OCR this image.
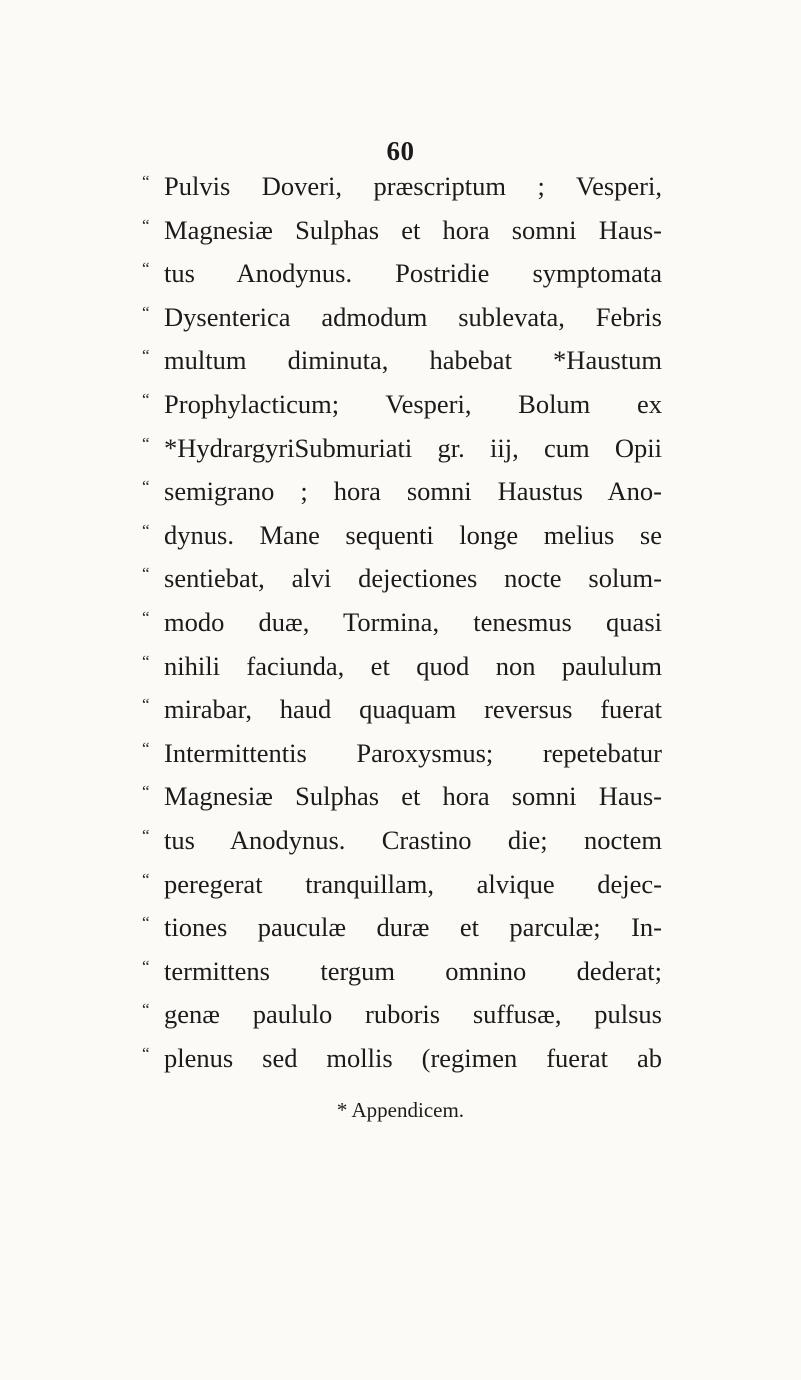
60
“ Pulvis Doveri, præscriptum ; Vesperi,
“ Magnesiæ Sulphas et hora somni Haus-
“ tus Anodynus. Postridie symptomata
“ Dysenterica admodum sublevata, Febris
“ multum diminuta, habebat *Haustum
“ Prophylacticum; Vesperi, Bolum ex
“ *HydrargyriSubmuriati gr. iij, cum Opii
“ semigrano ; hora somni Haustus Ano-
“ dynus. Mane sequenti longe melius se
“ sentiebat, alvi dejectiones nocte solum-
“ modo duæ, Tormina, tenesmus quasi
“ nihili faciunda, et quod non paululum
“ mirabar, haud quaquam reversus fuerat
“ Intermittentis Paroxysmus; repetebatur
“ Magnesiæ Sulphas et hora somni Haus-
“ tus Anodynus. Crastino die; noctem
“ peregerat tranquillam, alvique dejec-
“ tiones pauculæ duræ et parculæ; In-
“ termittens tergum omnino dederat;
“ genæ paululo ruboris suffusæ, pulsus
“ plenus sed mollis (regimen fuerat ab
* Appendicem.
